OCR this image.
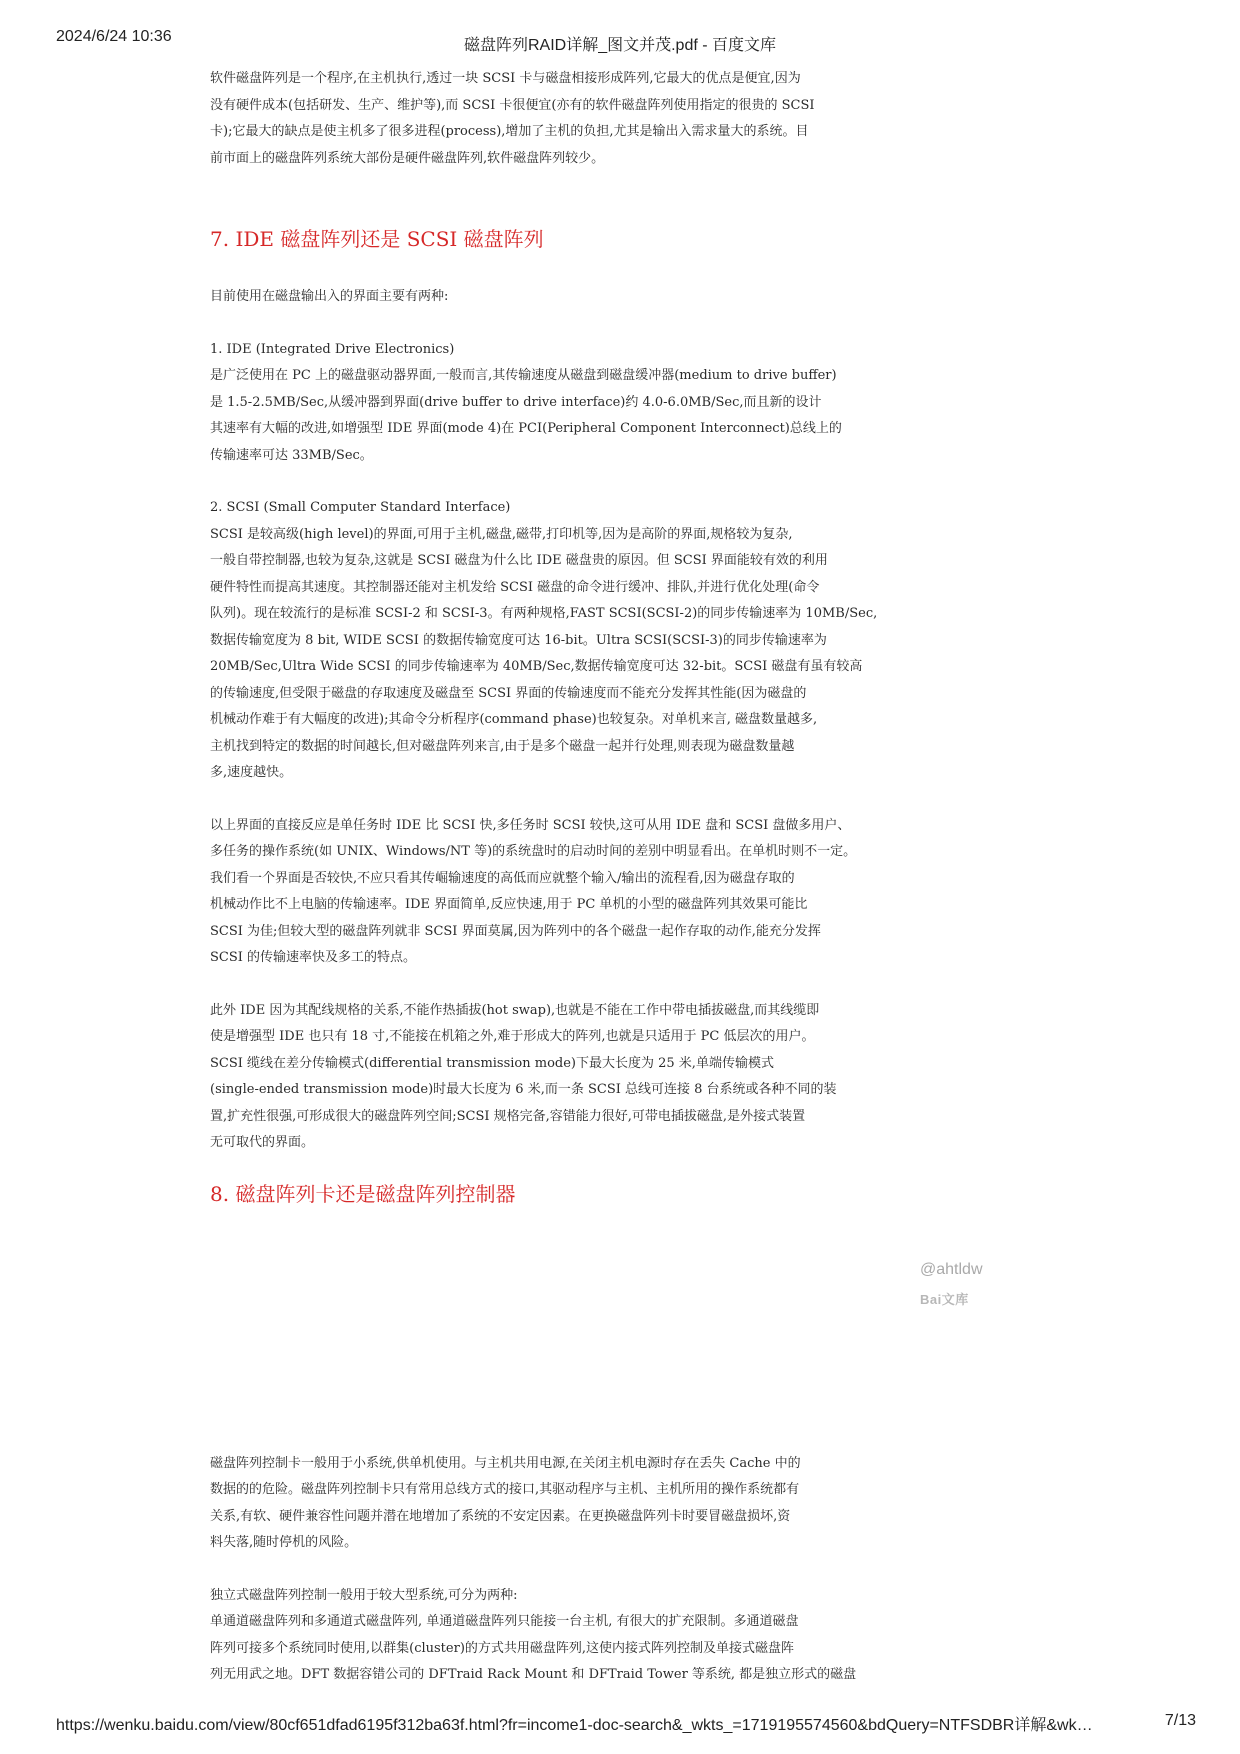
2024/6/24 10:36
磁盘阵列RAID详解_图文并茂.pdf - 百度文库

软件磁盘阵列是一个程序,在主机执行,透过一块 SCSI 卡与磁盘相接形成阵列,它最大的优点是便宜,因为

没有硬件成本(包括研发、生产、维护等),而 SCSI 卡很便宜(亦有的软件磁盘阵列使用指定的很贵的 SCSI

卡);它最大的缺点是使主机多了很多进程(process),增加了主机的负担,尤其是输出入需求量大的系统。目

前市面上的磁盘阵列系统大部份是硬件磁盘阵列,软件磁盘阵列较少。

7. IDE 磁盘阵列还是 SCSI 磁盘阵列

目前使用在磁盘输出入的界面主要有两种:

1. IDE (Integrated Drive Electronics)

是广泛使用在 PC 上的磁盘驱动器界面,一般而言,其传输速度从磁盘到磁盘缓冲器(medium to drive buffer)

是 1.5-2.5MB/Sec,从缓冲器到界面(drive buffer to drive interface)约 4.0-6.0MB/Sec,而且新的设计

其速率有大幅的改进,如增强型 IDE 界面(mode 4)在 PCI(Peripheral Component Interconnect)总线上的

传输速率可达 33MB/Sec。

2. SCSI (Small Computer Standard Interface)

SCSI 是较高级(high level)的界面,可用于主机,磁盘,磁带,打印机等,因为是高阶的界面,规格较为复杂,

一般自带控制器,也较为复杂,这就是 SCSI 磁盘为什么比 IDE 磁盘贵的原因。但 SCSI 界面能较有效的利用

硬件特性而提高其速度。其控制器还能对主机发给 SCSI 磁盘的命令进行缓冲、排队,并进行优化处理(命令

队列)。现在较流行的是标准 SCSI-2 和 SCSI-3。有两种规格,FAST SCSI(SCSI-2)的同步传输速率为 10MB/Sec,

数据传输宽度为 8 bit, WIDE SCSI 的数据传输宽度可达 16-bit。Ultra SCSI(SCSI-3)的同步传输速率为

20MB/Sec,Ultra Wide SCSI 的同步传输速率为 40MB/Sec,数据传输宽度可达 32-bit。SCSI 磁盘有虽有较高

的传输速度,但受限于磁盘的存取速度及磁盘至 SCSI 界面的传输速度而不能充分发挥其性能(因为磁盘的

机械动作难于有大幅度的改进);其命令分析程序(command phase)也较复杂。对单机来言, 磁盘数量越多,

主机找到特定的数据的时间越长,但对磁盘阵列来言,由于是多个磁盘一起并行处理,则表现为磁盘数量越

多,速度越快。

以上界面的直接反应是单任务时 IDE 比 SCSI 快,多任务时 SCSI 较快,这可从用 IDE 盘和 SCSI 盘做多用户、

多任务的操作系统(如 UNIX、Windows/NT 等)的系统盘时的启动时间的差别中明显看出。在单机时则不一定。

我们看一个界面是否较快,不应只看其传崛输速度的高低而应就整个输入/输出的流程看,因为磁盘存取的

机械动作比不上电脑的传输速率。IDE 界面简单,反应快速,用于 PC 单机的小型的磁盘阵列其效果可能比

SCSI 为佳;但较大型的磁盘阵列就非 SCSI 界面莫属,因为阵列中的各个磁盘一起作存取的动作,能充分发挥

SCSI 的传输速率快及多工的特点。

此外 IDE 因为其配线规格的关系,不能作热插拔(hot swap),也就是不能在工作中带电插拔磁盘,而其线缆即

使是增强型 IDE 也只有 18 寸,不能接在机箱之外,难于形成大的阵列,也就是只适用于 PC 低层次的用户。

SCSI 缆线在差分传输模式(differential transmission mode)下最大长度为 25 米,单端传输模式

(single-ended transmission mode)时最大长度为 6 米,而一条 SCSI 总线可连接 8 台系统或各种不同的装

置,扩充性很强,可形成很大的磁盘阵列空间;SCSI 规格完备,容错能力很好,可带电插拔磁盘,是外接式装置

无可取代的界面。

8. 磁盘阵列卡还是磁盘阵列控制器
@ahtldw
Bai文库

磁盘阵列控制卡一般用于小系统,供单机使用。与主机共用电源,在关闭主机电源时存在丢失 Cache 中的

数据的的危险。磁盘阵列控制卡只有常用总线方式的接口,其驱动程序与主机、主机所用的操作系统都有

关系,有软、硬件兼容性问题并潜在地增加了系统的不安定因素。在更换磁盘阵列卡时要冒磁盘损坏,资

料失落,随时停机的风险。

独立式磁盘阵列控制一般用于较大型系统,可分为两种:

单通道磁盘阵列和多通道式磁盘阵列, 单通道磁盘阵列只能接一台主机, 有很大的扩充限制。多通道磁盘

阵列可接多个系统同时使用,以群集(cluster)的方式共用磁盘阵列,这使内接式阵列控制及单接式磁盘阵

列无用武之地。DFT 数据容错公司的 DFTraid Rack Mount 和 DFTraid Tower 等系统, 都是独立形式的磁盘

https://wenku.baidu.com/view/80cf651dfad6195f312ba63f.html?fr=income1-doc-search&_wkts_=1719195574560&bdQuery=NTFSDBR详解&wk…	7/13
